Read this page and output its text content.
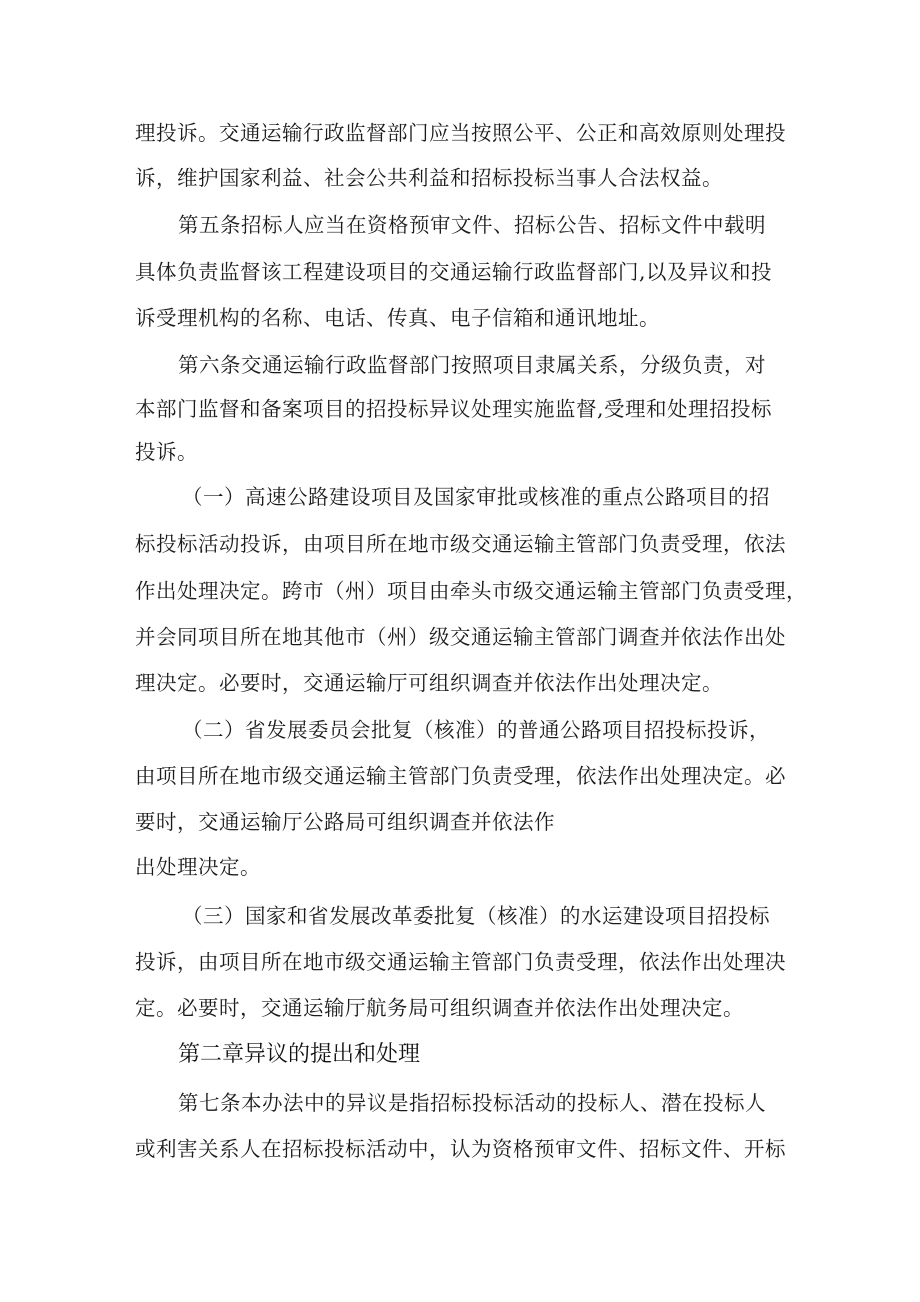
理投诉。交通运输行政监督部门应当按照公平、公正和高效原则处理投
诉，维护国家利益、社会公共利益和招标投标当事人合法权益。
第五条招标人应当在资格预审文件、招标公告、招标文件中载明
具体负责监督该工程建设项目的交通运输行政监督部门,以及异议和投
诉受理机构的名称、电话、传真、电子信箱和通讯地址。
第六条交通运输行政监督部门按照项目隶属关系，分级负责，对
本部门监督和备案项目的招投标异议处理实施监督,受理和处理招投标
投诉。
（一）高速公路建设项目及国家审批或核准的重点公路项目的招
标投标活动投诉，由项目所在地市级交通运输主管部门负责受理，依法
作出处理决定。跨市（州）项目由牵头市级交通运输主管部门负责受理，
并会同项目所在地其他市（州）级交通运输主管部门调查并依法作出处
理决定。必要时，交通运输厅可组织调查并依法作出处理决定。
（二）省发展委员会批复（核准）的普通公路项目招投标投诉，
由项目所在地市级交通运输主管部门负责受理，依法作出处理决定。必
要时，交通运输厅公路局可组织调查并依法作
出处理决定。
（三）国家和省发展改革委批复（核准）的水运建设项目招投标
投诉，由项目所在地市级交通运输主管部门负责受理，依法作出处理决
定。必要时，交通运输厅航务局可组织调查并依法作出处理决定。
第二章异议的提出和处理
第七条本办法中的异议是指招标投标活动的投标人、潜在投标人
或利害关系人在招标投标活动中，认为资格预审文件、招标文件、开标
